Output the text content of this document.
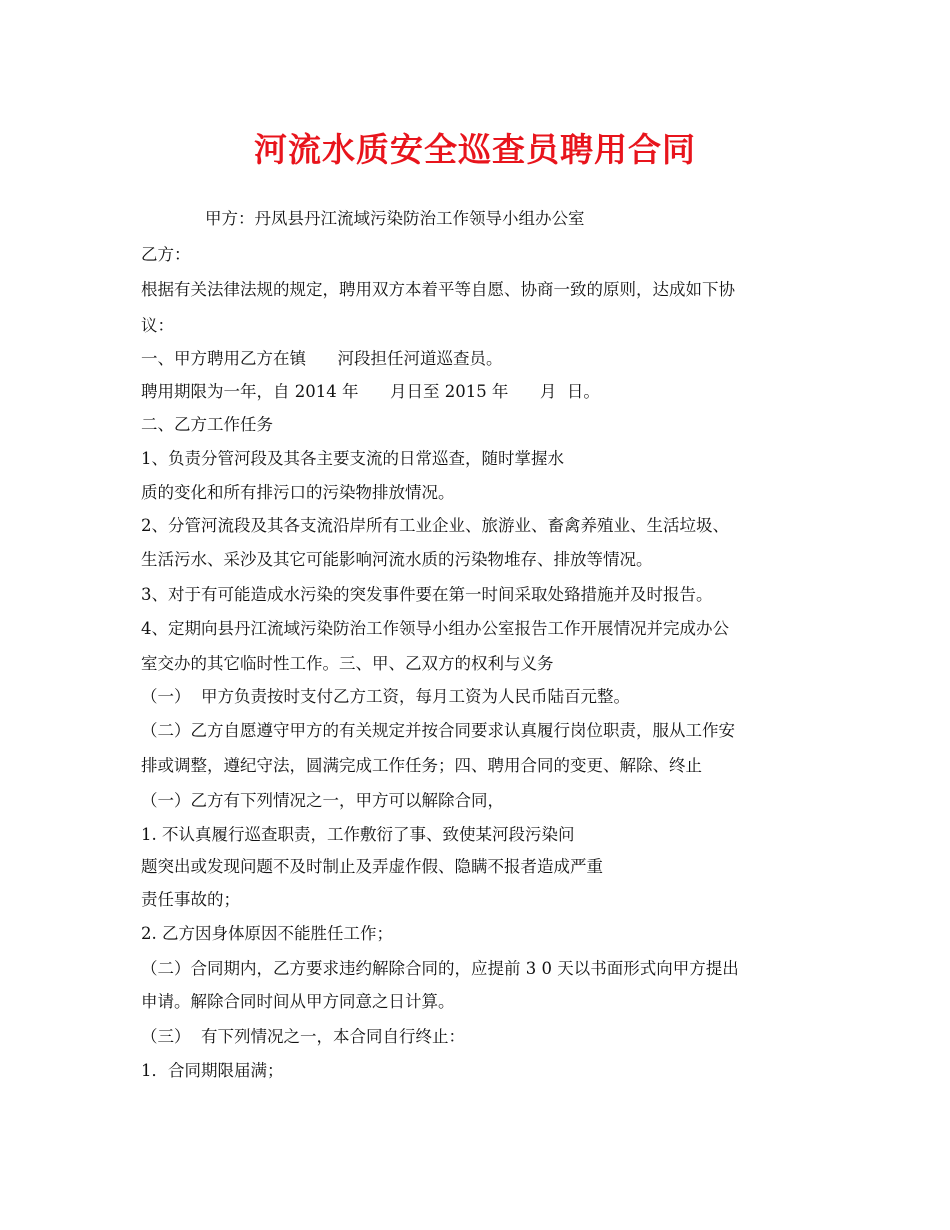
河流水质安全巡查员聘用合同

甲方：丹凤县丹江流域污染防治工作领导小组办公室

乙方：

根据有关法律法规的规定，聘用双方本着平等自愿、协商一致的原则，达成如下协

议：

一、甲方聘用乙方在镇      河段担任河道巡查员。

聘用期限为一年，自 2014 年      月日至 2015 年      月  日。

二、乙方工作任务

1、负责分管河段及其各主要支流的日常巡查，随时掌握水

质的变化和所有排污口的污染物排放情况。

2、分管河流段及其各支流沿岸所有工业企业、旅游业、畜禽养殖业、生活垃圾、

生活污水、采沙及其它可能影响河流水质的污染物堆存、排放等情况。

3、对于有可能造成水污染的突发事件要在第一时间采取处臵措施并及时报告。

4、定期向县丹江流域污染防治工作领导小组办公室报告工作开展情况并完成办公

室交办的其它临时性工作。三、甲、乙双方的权利与义务

（一）  甲方负责按时支付乙方工资，每月工资为人民币陆百元整。

（二）乙方自愿遵守甲方的有关规定并按合同要求认真履行岗位职责，服从工作安

排或调整，遵纪守法，圆满完成工作任务；四、聘用合同的变更、解除、终止

（一）乙方有下列情况之一，甲方可以解除合同，

1. 不认真履行巡查职责，工作敷衍了事、致使某河段污染问

题突出或发现问题不及时制止及弄虚作假、隐瞒不报者造成严重

责任事故的；

2. 乙方因身体原因不能胜任工作；

（二）合同期内，乙方要求违约解除合同的，应提前 3 0 天以书面形式向甲方提出

申请。解除合同时间从甲方同意之日计算。

（三）  有下列情况之一，本合同自行终止：

1．合同期限届满；
